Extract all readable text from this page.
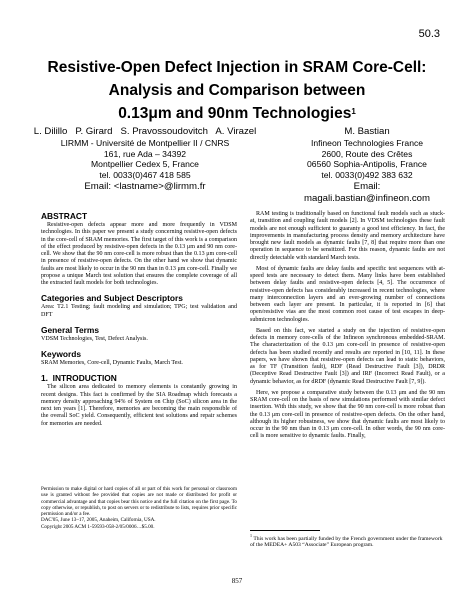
50.3
Resistive-Open Defect Injection in SRAM Core-Cell:
Analysis and Comparison between
0.13μm and 90nm Technologies$^1$
L. Dilillo   P. Girard   S. Pravossoudovitch   A. Virazel
LIRMM - Université de Montpellier II / CNRS
161, rue Ada – 34392
Montpellier Cedex 5, France
tel. 0033(0)467 418 585
Email: <lastname>@lirmm.fr
M. Bastian
Infineon Technologies France
2600, Route des Crêtes
06560 Sophia-Antipolis, France
tel. 0033(0)492 383 632
Email:
magali.bastian@infineon.com
ABSTRACT

Resistive-open defects appear more and more frequently in VDSM technologies. In this paper we present a study concerning resistive-open defects in the core-cell of SRAM memories. The first target of this work is a comparison of the effect produced by resistive-open defects in the 0.13 μm and 90 nm core-cell. We show that the 90 nm core-cell is more robust than the 0.13 μm core-cell in presence of resistive-open defects. On the other hand we show that dynamic faults are most likely to occur in the 90 nm than in 0.13 μm core-cell. Finally we propose a unique March test solution that ensures the complete coverage of all the extracted fault models for both technologies.

Categories and Subject Descriptors

Area: T2.1 Testing; fault modeling and simulation; TPG; test validation and DFT

General Terms

VDSM Technologies, Test, Defect Analysis.

Keywords

SRAM Memories, Core-cell, Dynamic Faults, March Test.

1.  INTRODUCTION

The silicon area dedicated to memory elements is constantly growing in recent designs. This fact is confirmed by the SIA Roadmap which forecasts a memory density approaching 94% of System on Chip (SoC) silicon area in the next ten years [1]. Therefore, memories are becoming the main responsible of the overall SoC yield. Consequently, efficient test solutions and repair schemes for memories are needed.

Permission to make digital or hard copies of all or part of this work for personal or classroom use is granted without fee provided that copies are not made or distributed for profit or commercial advantage and that copies bear this notice and the full citation on the first page. To copy otherwise, or republish, to post on servers or to redistribute to lists, requires prior specific permission and/or a fee.

DAC'05, June 13–17, 2005, Anaheim, California, USA.

Copyright 2005 ACM 1-59593-058-2/05/0006…$5.00.

RAM testing is traditionally based on functional fault models such as stuck-at, transition and coupling fault models [2]. In VDSM technologies these fault models are not enough sufficient to guaranty a good test efficiency. In fact, the improvements in manufacturing process density and memory architecture have brought new fault models as dynamic faults [7, 8] that require more than one operation in sequence to be sensitized. For this reason, dynamic faults are not directly detectable with standard March tests.

Most of dynamic faults are delay faults and specific test sequences with at-speed tests are necessary to detect them. Many links have been established between delay faults and resistive-open defects [4, 5]. The occurrence of resistive-open defects has considerably increased in recent technologies, where many interconnection layers and an ever-growing number of connections between each layer are present. In particular, it is reported in [6] that open/resistive vias are the most common root cause of test escapes in deep-submicron technologies.

Based on this fact, we started a study on the injection of resistive-open defects in memory core-cells of the Infineon synchronous embedded-SRAM. The characterization of the 0.13 μm core-cell in presence of resistive-open defects has been studied recently and results are reported in [10, 11]. In these papers, we have shown that resistive-open defects can lead to static behaviors, as for TF (Transition fault), RDF (Read Destructive Fault [3]), DRDR (Deceptive Read Destructive Fault [3]) and IRF (Incorrect Read Fault), or a dynamic behavior, as for dRDF (dynamic Read Destructive Fault [7, 9]).

Here, we propose a comparative study between the 0.13 μm and the 90 nm SRAM core-cell on the basis of new simulations performed with similar defect insertion. With this study, we show that the 90 nm core-cell is more robust than the 0.13 μm core-cell in presence of resistive-open defects. On the other hand, although its higher robustness, we show that dynamic faults are most likely to occur in the 90 nm than in 0.13 μm core-cell. In other words, the 90 nm core-cell is more sensitive to dynamic faults. Finally,

$^1$ This work has been partially funded by the French government under the framework of the MEDEA+ A503 “Associate” European program.
857
